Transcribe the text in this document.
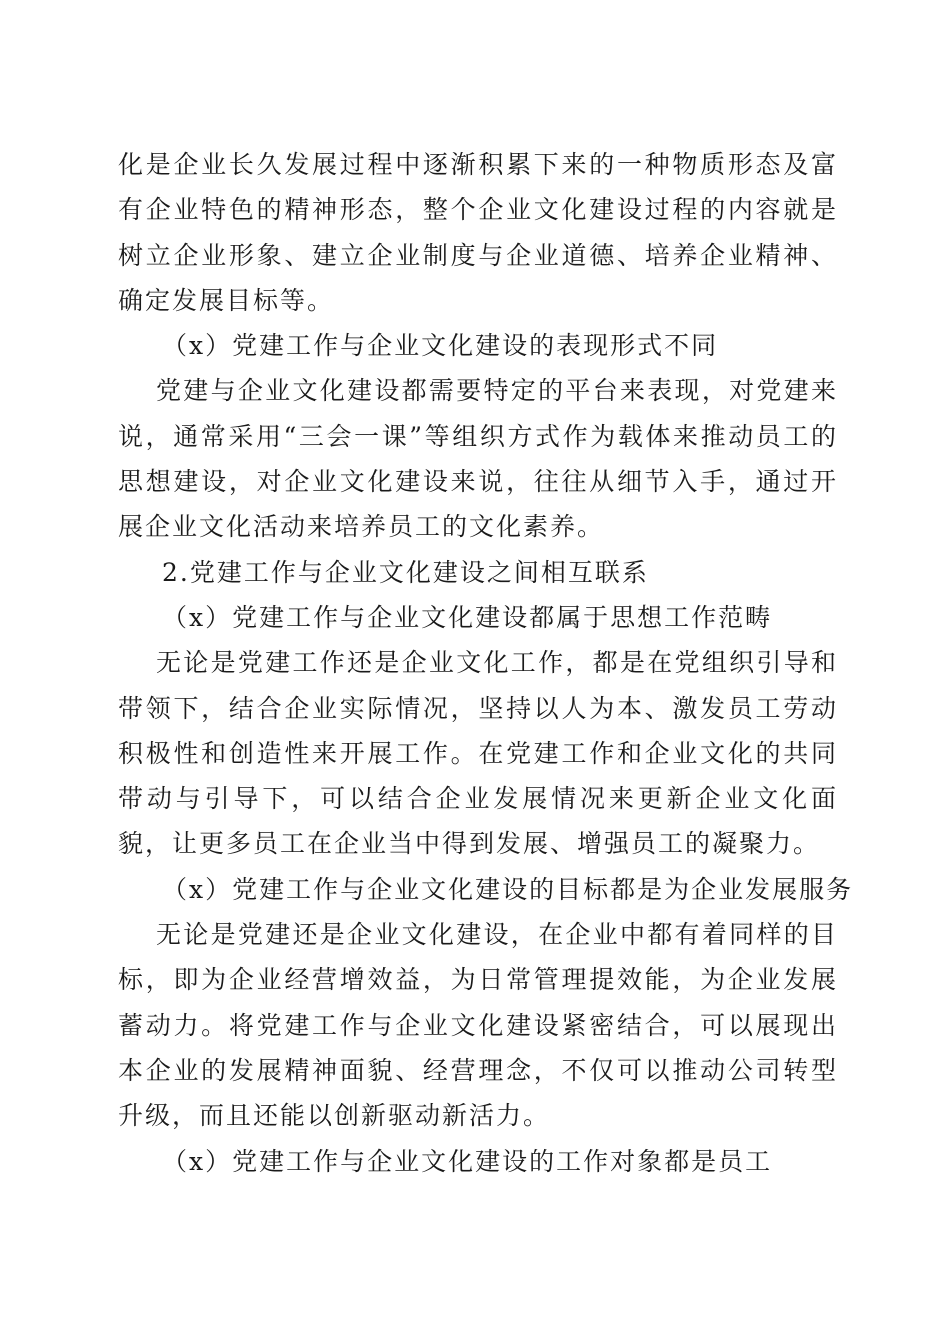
化是企业长久发展过程中逐渐积累下来的一种物质形态及富有企业特色的精神形态，整个企业文化建设过程的内容就是树立企业形象、建立企业制度与企业道德、培养企业精神、确定发展目标等。

（x）党建工作与企业文化建设的表现形式不同

党建与企业文化建设都需要特定的平台来表现，对党建来说，通常采用“三会一课”等组织方式作为载体来推动员工的思想建设，对企业文化建设来说，往往从细节入手，通过开展企业文化活动来培养员工的文化素养。

2.党建工作与企业文化建设之间相互联系

（x）党建工作与企业文化建设都属于思想工作范畴

无论是党建工作还是企业文化工作，都是在党组织引导和带领下，结合企业实际情况，坚持以人为本、激发员工劳动积极性和创造性来开展工作。在党建工作和企业文化的共同带动与引导下，可以结合企业发展情况来更新企业文化面貌，让更多员工在企业当中得到发展、增强员工的凝聚力。

（x）党建工作与企业文化建设的目标都是为企业发展服务

无论是党建还是企业文化建设，在企业中都有着同样的目标，即为企业经营增效益，为日常管理提效能，为企业发展蓄动力。将党建工作与企业文化建设紧密结合，可以展现出本企业的发展精神面貌、经营理念，不仅可以推动公司转型升级，而且还能以创新驱动新活力。

（x）党建工作与企业文化建设的工作对象都是员工
